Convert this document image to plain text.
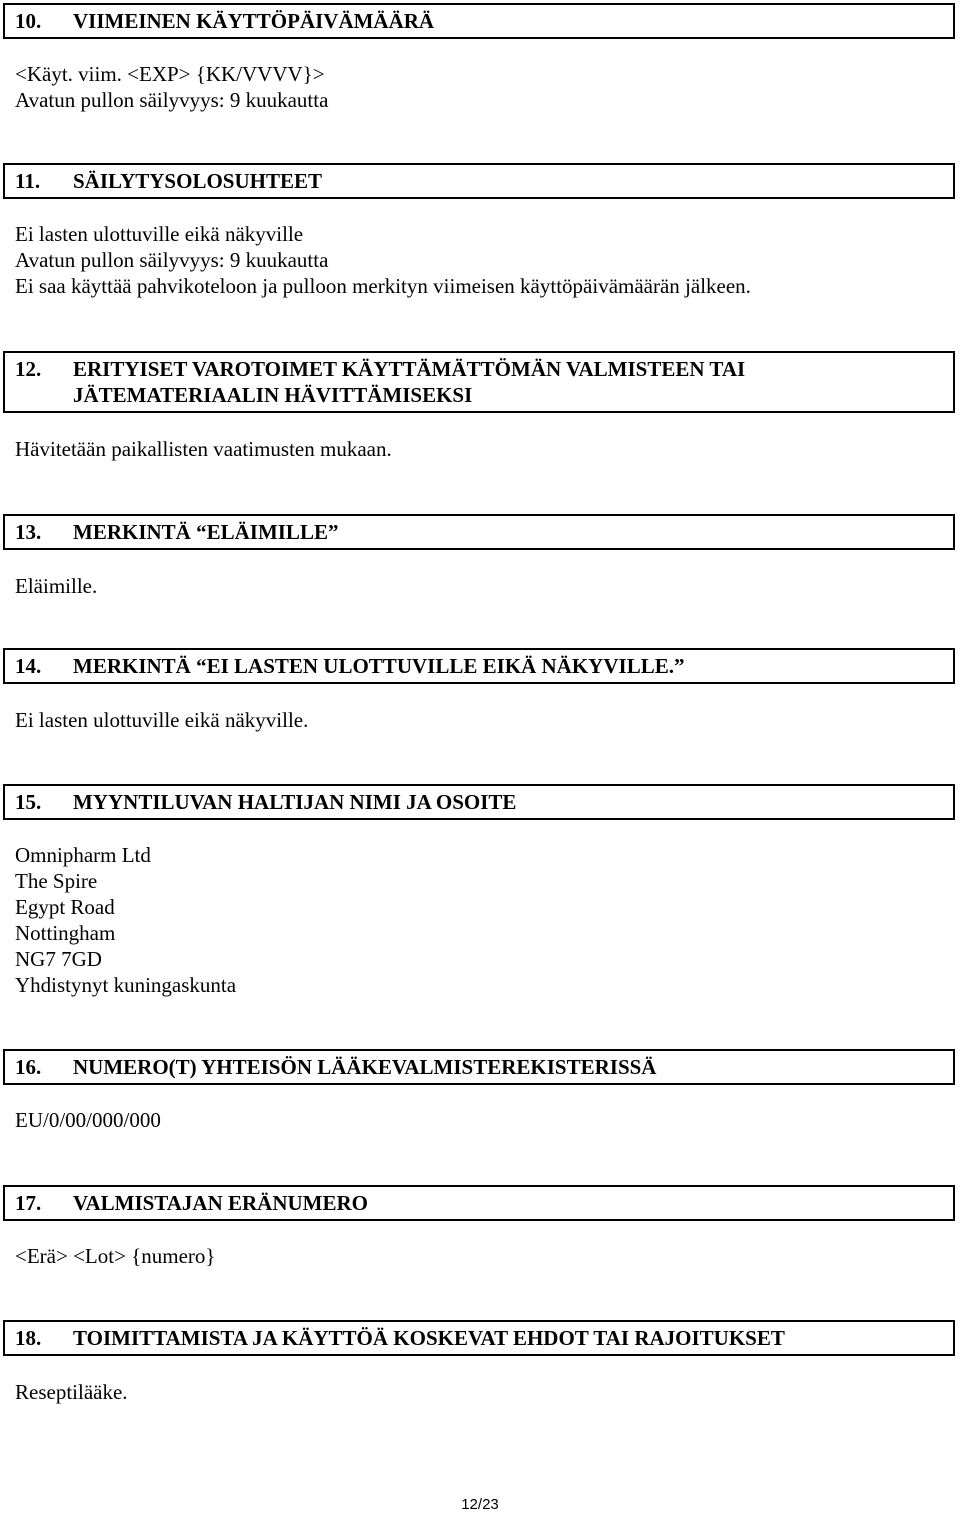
10.	VIIMEINEN KÄYTTÖPÄIVÄMÄÄRÄ
<Käyt. viim. <EXP> {KK/VVVV}>
Avatun pullon säilyvyys: 9 kuukautta
11.	SÄILYTYSOLOSUHTEET
Ei lasten ulottuville eikä näkyville
Avatun pullon säilyvyys: 9 kuukautta
Ei saa käyttää pahvikoteloon ja pulloon merkityn viimeisen käyttöpäivämäärän jälkeen.
12.	ERITYISET VAROTOIMET KÄYTTÄMÄTTÖMÄN VALMISTEEN TAI
JÄTEMATERIAALIN HÄVITTÄMISEKSI
Hävitetään paikallisten vaatimusten mukaan.
13.	MERKINTÄ “ELÄIMILLE”
Eläimille.
14.	MERKINTÄ “EI LASTEN ULOTTUVILLE EIKÄ NÄKYVILLE.”
Ei lasten ulottuville eikä näkyville.
15.	MYYNTILUVAN HALTIJAN NIMI JA OSOITE
Omnipharm Ltd
The Spire
Egypt Road
Nottingham
NG7 7GD
Yhdistynyt kuningaskunta
16.	NUMERO(T) YHTEISÖN LÄÄKEVALMISTEREKISTERISSÄ
EU/0/00/000/000
17.	VALMISTAJAN ERÄNUMERO
<Erä> <Lot> {numero}
18.	TOIMITTAMISTA JA KÄYTTÖÄ KOSKEVAT EHDOT TAI RAJOITUKSET
Reseptilääke.
12/23
